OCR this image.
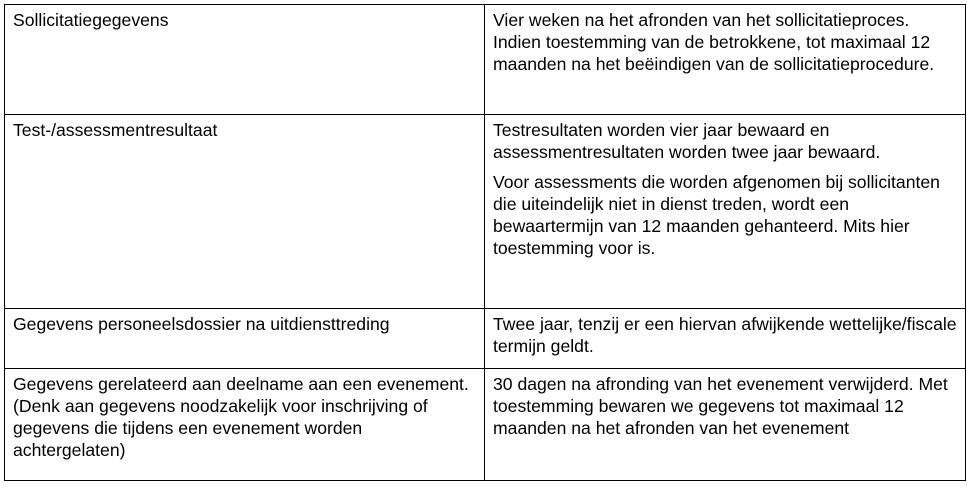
Sollicitatiegegevens	Vier weken na het afronden van het sollicitatieproces. Indien toestemming van de betrokkene, tot maximaal 12 maanden na het beëindigen van de sollicitatieprocedure.

Test-/assessmentresultaat	Testresultaten worden vier jaar bewaard en assessmentresultaten worden twee jaar bewaard.

Voor assessments die worden afgenomen bij sollicitanten die uiteindelijk niet in dienst treden, wordt een bewaartermijn van 12 maanden gehanteerd. Mits hier toestemming voor is.

Gegevens personeelsdossier na uitdiensttreding	Twee jaar, tenzij er een hiervan afwijkende wettelijke/fiscale termijn geldt.

Gegevens gerelateerd aan deelname aan een evenement. (Denk aan gegevens noodzakelijk voor inschrijving of gegevens die tijdens een evenement worden achtergelaten)	30 dagen na afronding van het evenement verwijderd. Met toestemming bewaren we gegevens tot maximaal 12 maanden na het afronden van het evenement
